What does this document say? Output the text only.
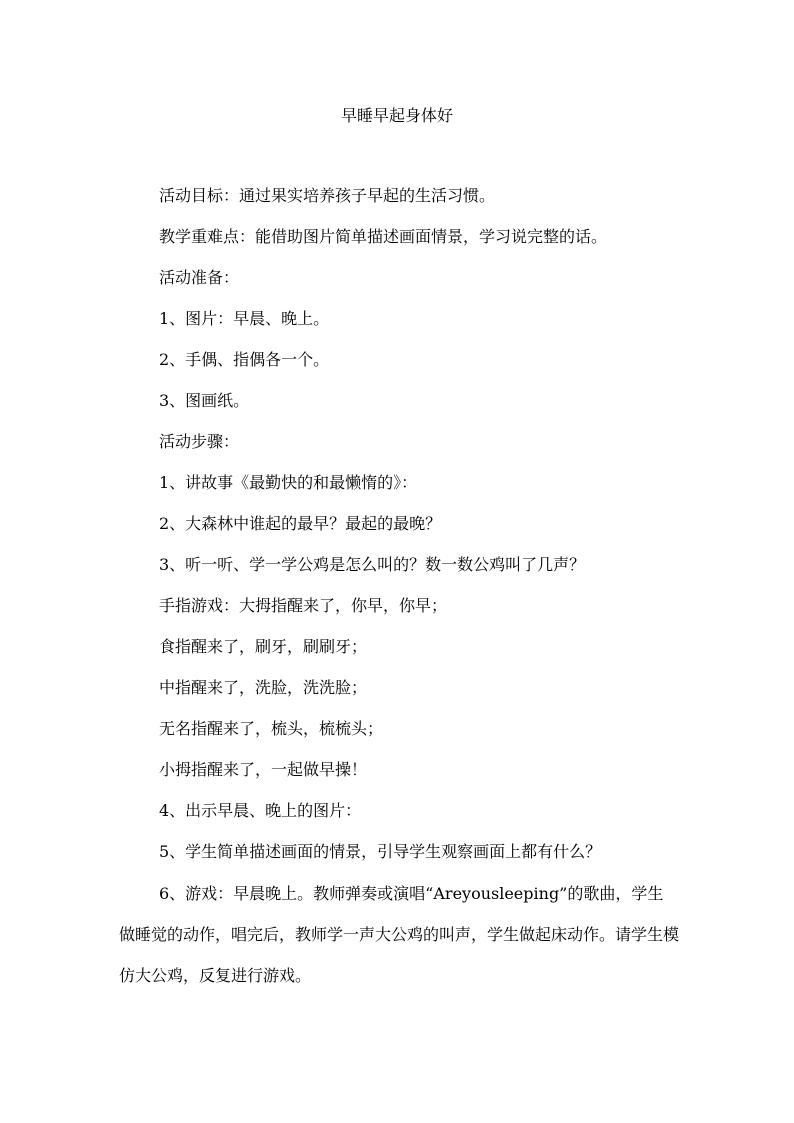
早睡早起身体好

活动目标：通过果实培养孩子早起的生活习惯。

教学重难点：能借助图片简单描述画面情景，学习说完整的话。

活动准备：

1、图片：早晨、晚上。

2、手偶、指偶各一个。

3、图画纸。

活动步骤：

1、讲故事《最勤快的和最懒惰的》：

2、大森林中谁起的最早？最起的最晚？

3、听一听、学一学公鸡是怎么叫的？数一数公鸡叫了几声？

手指游戏：大拇指醒来了，你早，你早；

食指醒来了，刷牙，刷刷牙；

中指醒来了，洗脸，洗洗脸；

无名指醒来了，梳头，梳梳头；

小拇指醒来了，一起做早操！

4、出示早晨、晚上的图片：

5、学生简单描述画面的情景，引导学生观察画面上都有什么？

6、游戏：早晨晚上。教师弹奏或演唱“Areyousleeping”的歌曲，学生做睡觉的动作，唱完后，教师学一声大公鸡的叫声，学生做起床动作。请学生模仿大公鸡，反复进行游戏。
